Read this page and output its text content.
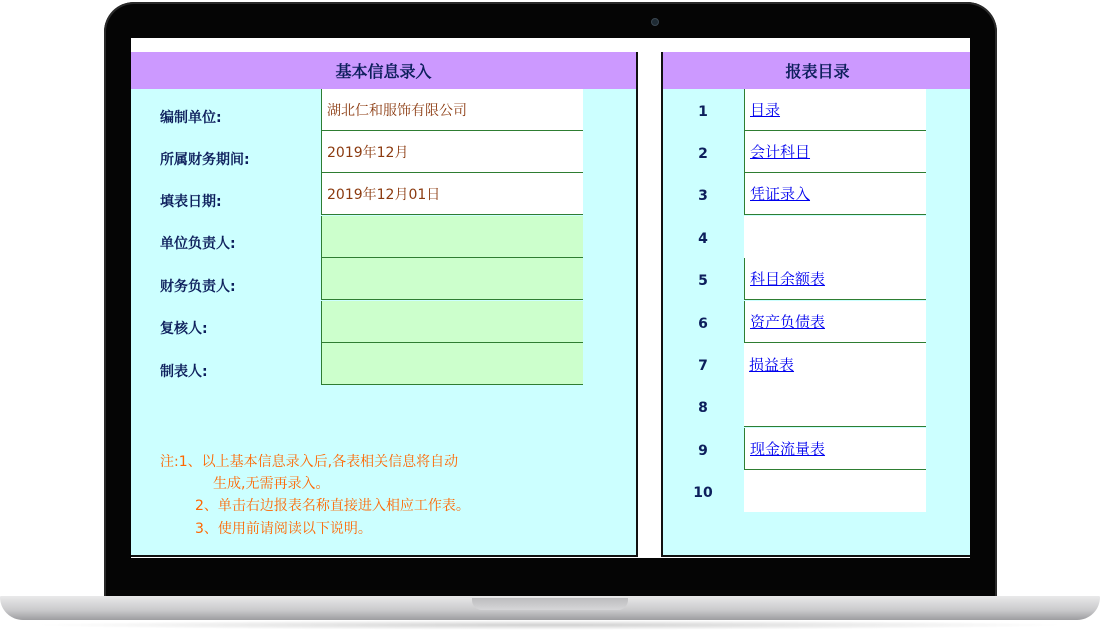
基本信息录入
编制单位:	湖北仁和服饰有限公司
所属财务期间:	2019年12月
填表日期:	2019年12月01日
单位负责人:
财务负责人:
复核人:
制表人:
注:1、以上基本信息录入后,各表相关信息将自动
生成,无需再录入。
2、单击右边报表名称直接进入相应工作表。
3、使用前请阅读以下说明。
报表目录
1	目录
2	会计科目
3	凭证录入
4
5	科目余额表
6	资产负债表
7	损益表
8
9	现金流量表
10
